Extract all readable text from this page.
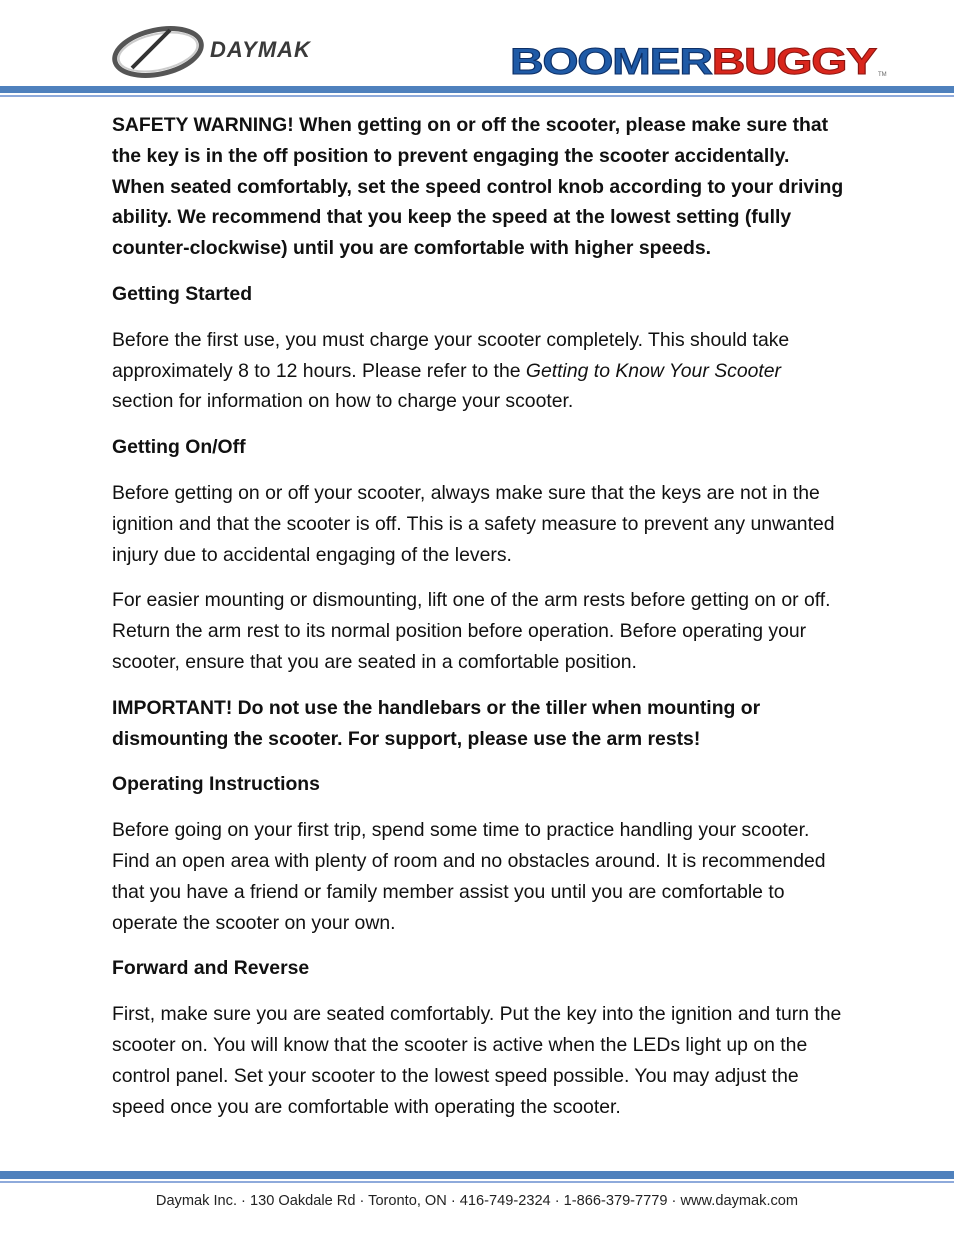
DAYMAK	BOOMER BUGGY	TM

SAFETY WARNING! When getting on or off the scooter, please make sure that the key is in the off position to prevent engaging the scooter accidentally. When seated comfortably, set the speed control knob according to your driving ability. We recommend that you keep the speed at the lowest setting (fully counter-clockwise) until you are comfortable with higher speeds.

Getting Started

Before the first use, you must charge your scooter completely. This should take approximately 8 to 12 hours. Please refer to the Getting to Know Your Scooter section for information on how to charge your scooter.

Getting On/Off

Before getting on or off your scooter, always make sure that the keys are not in the ignition and that the scooter is off. This is a safety measure to prevent any unwanted injury due to accidental engaging of the levers.

For easier mounting or dismounting, lift one of the arm rests before getting on or off. Return the arm rest to its normal position before operation. Before operating your scooter, ensure that you are seated in a comfortable position.

IMPORTANT! Do not use the handlebars or the tiller when mounting or dismounting the scooter. For support, please use the arm rests!

Operating Instructions

Before going on your first trip, spend some time to practice handling your scooter. Find an open area with plenty of room and no obstacles around. It is recommended that you have a friend or family member assist you until you are comfortable to operate the scooter on your own.

Forward and Reverse

First, make sure you are seated comfortably. Put the key into the ignition and turn the scooter on. You will know that the scooter is active when the LEDs light up on the control panel. Set your scooter to the lowest speed possible. You may adjust the speed once you are comfortable with operating the scooter.

Daymak Inc. · 130 Oakdale Rd · Toronto, ON · 416-749-2324 · 1-866-379-7779 · www.daymak.com
